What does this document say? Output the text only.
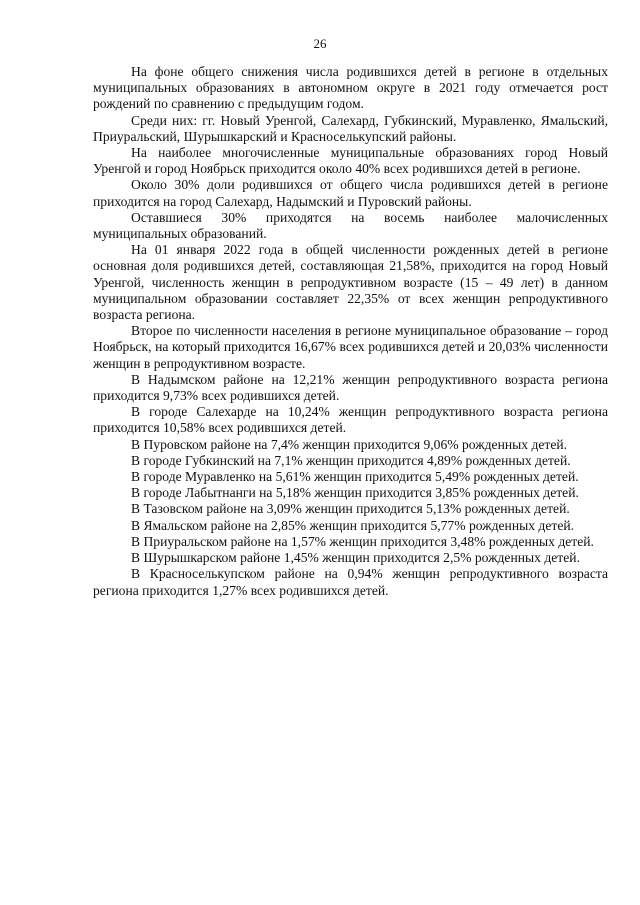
26

На фоне общего снижения числа родившихся детей в регионе в отдельных муниципальных образованиях в автономном округе в 2021 году отмечается рост рождений по сравнению с предыдущим годом.

Среди них: гг. Новый Уренгой, Салехард, Губкинский, Муравленко, Ямальский, Приуральский, Шурышкарский и Красноселькупский районы.

На наиболее многочисленные муниципальные образованиях город Новый Уренгой и город Ноябрьск приходится около 40% всех родившихся детей в регионе.

Около 30% доли родившихся от общего числа родившихся детей в регионе приходится на город Салехард, Надымский и Пуровский районы.

Оставшиеся 30% приходятся на восемь наиболее малочисленных муниципальных образований.

На 01 января 2022 года в общей численности рожденных детей в регионе основная доля родившихся детей, составляющая 21,58%, приходится на город Новый Уренгой, численность женщин в репродуктивном возрасте (15 – 49 лет) в данном муниципальном образовании составляет 22,35% от всех женщин репродуктивного возраста региона.

Второе по численности населения в регионе муниципальное образование – город Ноябрьск, на который приходится 16,67% всех родившихся детей и 20,03% численности женщин в репродуктивном возрасте.

В Надымском районе на 12,21% женщин репродуктивного возраста региона приходится 9,73% всех родившихся детей.

В городе Салехарде на 10,24% женщин репродуктивного возраста региона приходится 10,58% всех родившихся детей.

В Пуровском районе на 7,4% женщин приходится 9,06% рожденных детей.

В городе Губкинский на 7,1% женщин приходится 4,89% рожденных детей.

В городе Муравленко на 5,61% женщин приходится 5,49% рожденных детей.

В городе Лабытнанги на 5,18% женщин приходится 3,85% рожденных детей.

В Тазовском районе на 3,09% женщин приходится 5,13% рожденных детей.

В Ямальском районе на 2,85% женщин приходится 5,77% рожденных детей.

В Приуральском районе на 1,57% женщин приходится 3,48% рожденных детей.

В Шурышкарском районе 1,45% женщин приходится 2,5% рожденных детей.

В Красноселькупском районе на 0,94% женщин репродуктивного возраста региона приходится 1,27% всех родившихся детей.
